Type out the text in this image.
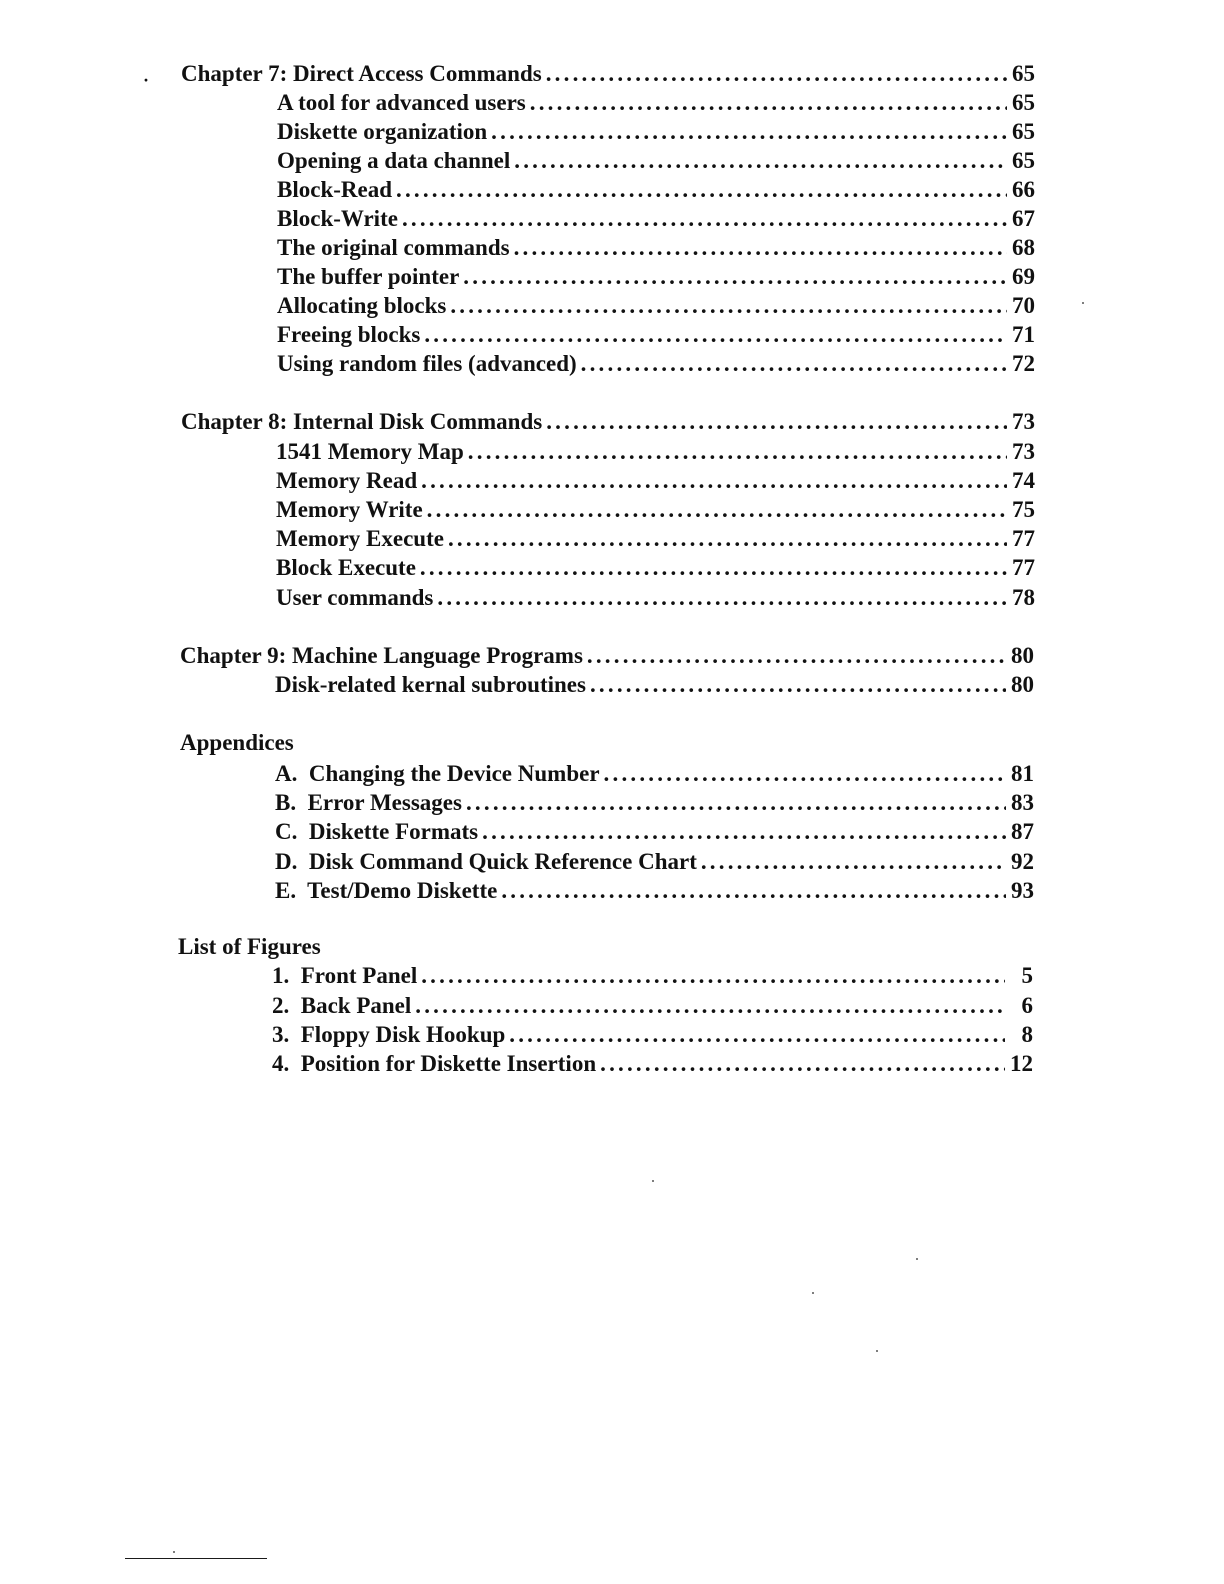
· Chapter 7: Direct Access Commands .....	65
A tool for advanced users .....	65
Diskette organization .....	65
Opening a data channel .....	65
Block-Read .....	66
Block-Write .....	67
The original commands .....	68
The buffer pointer .....	69
Allocating blocks .....	70
Freeing blocks .....	71
Using random files (advanced) .....	72
Chapter 8: Internal Disk Commands .....	73
1541 Memory Map .....	73
Memory Read .....	74
Memory Write .....	75
Memory Execute .....	77
Block Execute .....	77
User commands .....	78
Chapter 9: Machine Language Programs .....	80
Disk-related kernal subroutines .....	80
Appendices
A.  Changing the Device Number .....	81
B.  Error Messages .....	83
C.  Diskette Formats .....	87
D.  Disk Command Quick Reference Chart .....	92
E.  Test/Demo Diskette .....	93
List of Figures
1.  Front Panel .....	5
2.  Back Panel .....	6
3.  Floppy Disk Hookup .....	8
4.  Position for Diskette Insertion .....	12
